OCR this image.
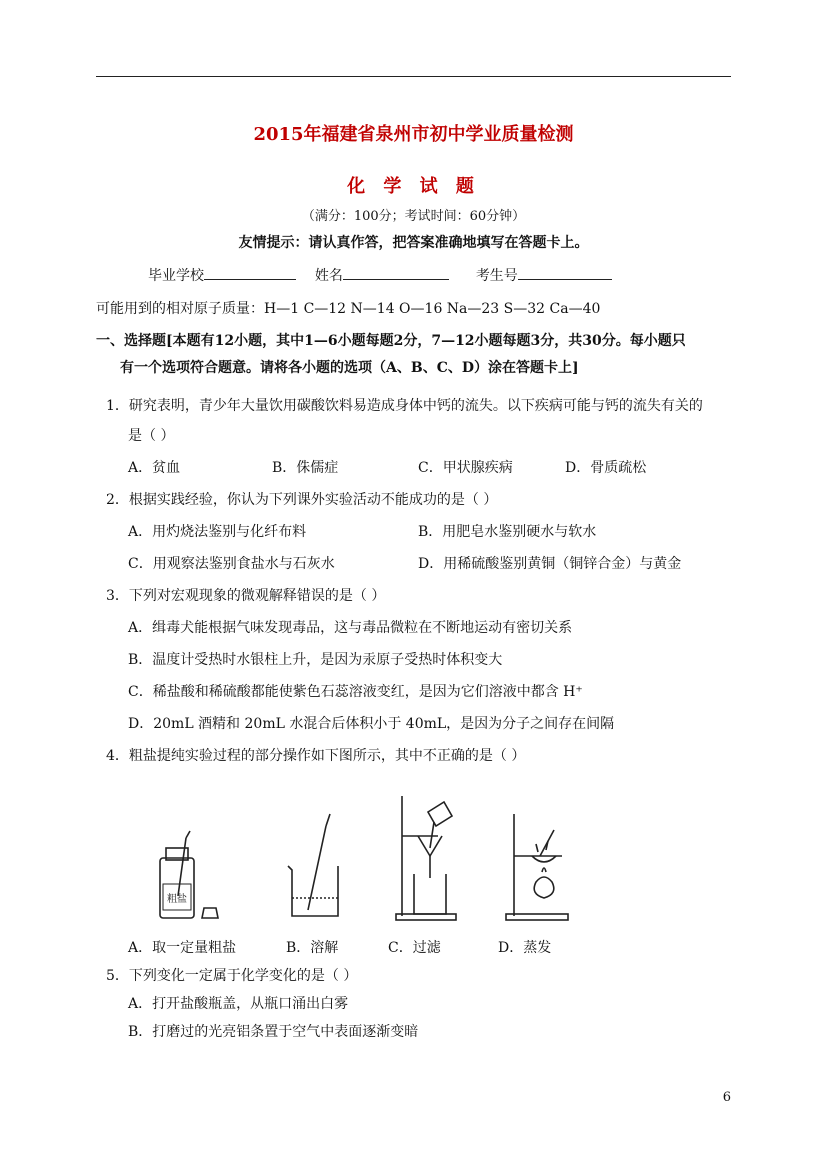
2015年福建省泉州市初中学业质量检测
化 学 试 题
（满分：100分；考试时间：60分钟）
友情提示：请认真作答，把答案准确地填写在答题卡上。
毕业学校	姓名	考生号
可能用到的相对原子质量：H—1 C—12 N—14 O—16 Na—23 S—32 Ca—40
一、选择题[本题有12小题，其中1—6小题每题2分，7—12小题每题3分，共30分。每小题只
有一个选项符合题意。请将各小题的选项（A、B、C、D）涂在答题卡上]
1．研究表明，青少年大量饮用碳酸饮料易造成身体中钙的流失。以下疾病可能与钙的流失有关的
是（ ）
A．贫血	B．侏儒症	C．甲状腺疾病	D．骨质疏松
2．根据实践经验，你认为下列课外实验活动不能成功的是（ ）
A．用灼烧法鉴别与化纤布料	B．用肥皂水鉴别硬水与软水
C．用观察法鉴别食盐水与石灰水	D．用稀硫酸鉴别黄铜（铜锌合金）与黄金
3．下列对宏观现象的微观解释错误的是（ ）
A．缉毒犬能根据气味发现毒品，这与毒品微粒在不断地运动有密切关系
B．温度计受热时水银柱上升，是因为汞原子受热时体积变大
C．稀盐酸和稀硫酸都能使紫色石蕊溶液变红，是因为它们溶液中都含 H⁺
D．20mL 酒精和 20mL 水混合后体积小于 40mL，是因为分子之间存在间隔
4．粗盐提纯实验过程的部分操作如下图所示，其中不正确的是（ ）
粗盐
A．取一定量粗盐	B．溶解	C．过滤	D．蒸发
5．下列变化一定属于化学变化的是（ ）
A．打开盐酸瓶盖，从瓶口涌出白雾
B．打磨过的光亮铝条置于空气中表面逐渐变暗
6
